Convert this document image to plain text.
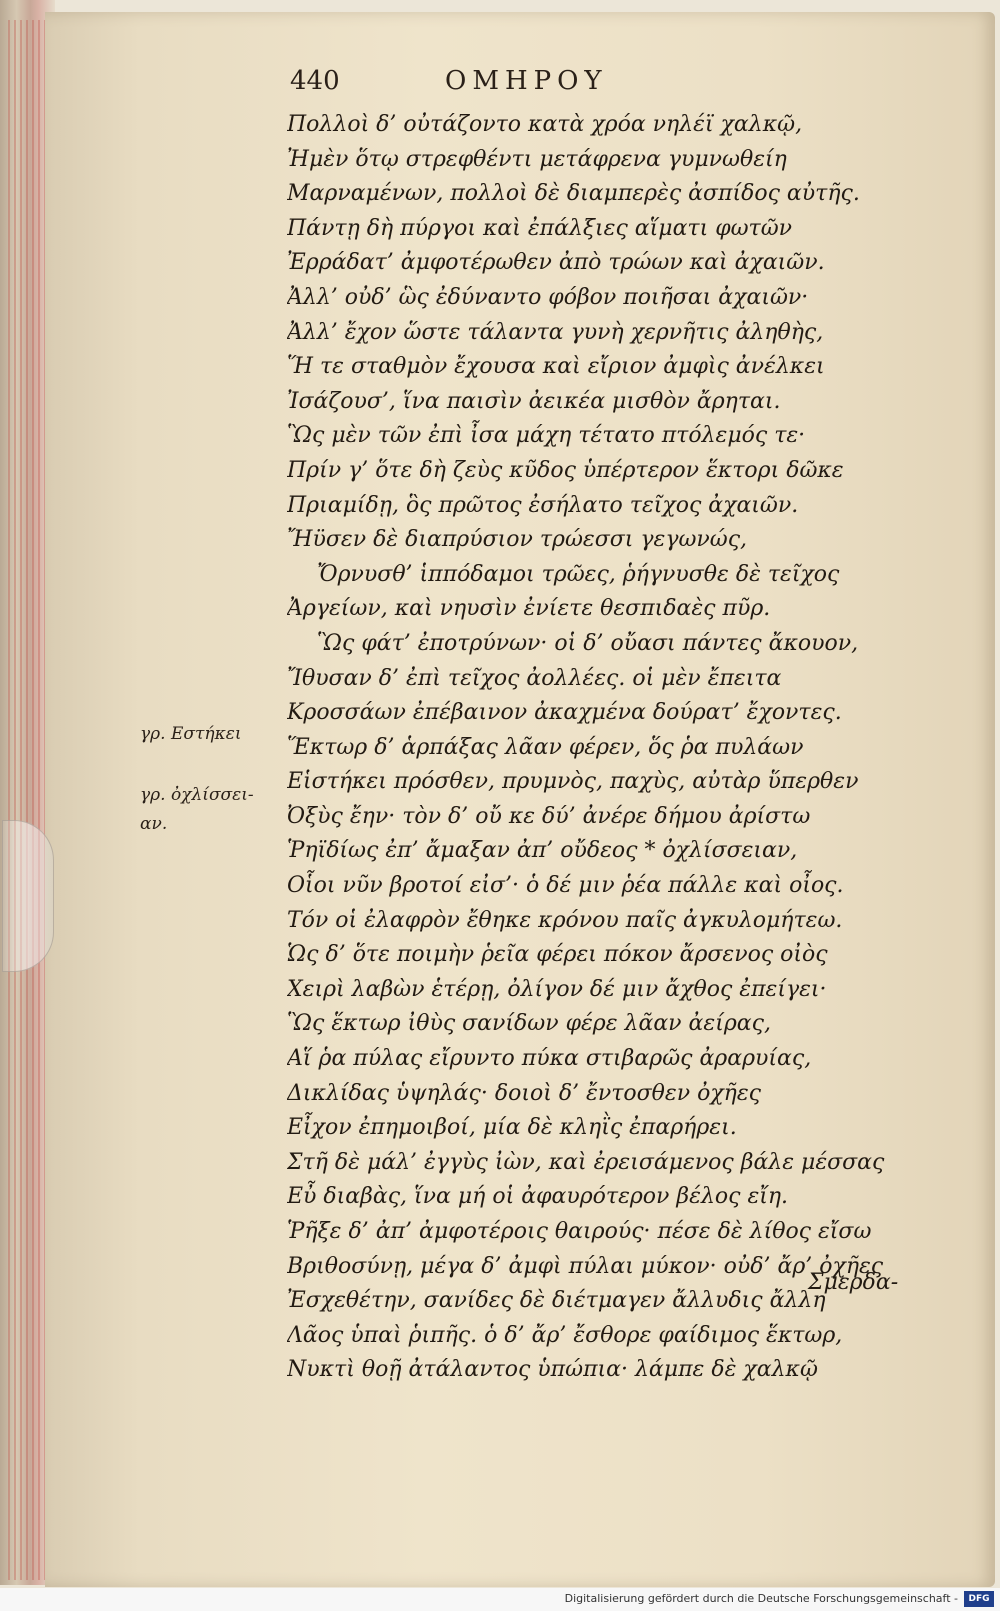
440	ΟΜΗΡΟΥ
Πολλοὶ δ’ οὐτάζοντο κατὰ χρόα νηλέϊ χαλκῷ,
Ἠμὲν ὅτῳ στρεφθέντι μετάφρενα γυμνωθείη
Μαρναμένων, πολλοὶ δὲ διαμπερὲς ἀσπίδος αὐτῆς.
Πάντῃ δὴ πύργοι καὶ ἐπάλξιες αἵματι φωτῶν
Ἐρράδατ’ ἀμφοτέρωθεν ἀπὸ τρώων καὶ ἀχαιῶν.
Ἀλλ’ οὐδ’ ὣς ἐδύναντο φόβον ποιῆσαι ἀχαιῶν·
Ἀλλ’ ἔχον ὥστε τάλαντα γυνὴ χερνῆτις ἀληθὴς,
Ἥ τε σταθμὸν ἔχουσα καὶ εἴριον ἀμφὶς ἀνέλκει
Ἰσάζουσ’, ἵνα παισὶν ἀεικέα μισθὸν ἄρηται.
Ὣς μὲν τῶν ἐπὶ ἶσα μάχη τέτατο πτόλεμός τε·
Πρίν γ’ ὅτε δὴ ζεὺς κῦδος ὑπέρτερον ἕκτορι δῶκε
Πριαμίδῃ, ὃς πρῶτος ἐσήλατο τεῖχος ἀχαιῶν.
Ἤϋσεν δὲ διαπρύσιον τρώεσσι γεγωνώς,
Ὄρνυσθ’ ἱππόδαμοι τρῶες, ῥήγνυσθε δὲ τεῖχος
Ἀργείων, καὶ νηυσὶν ἐνίετε θεσπιδαὲς πῦρ.
Ὣς φάτ’ ἐποτρύνων· οἱ δ’ οὔασι πάντες ἄκουον,
Ἴθυσαν δ’ ἐπὶ τεῖχος ἀολλέες. οἱ μὲν ἔπειτα
Κροσσάων ἐπέβαινον ἀκαχμένα δούρατ’ ἔχοντες.
Ἕκτωρ δ’ ἁρπάξας λᾶαν φέρεν, ὅς ῥα πυλάων
Εἱστήκει πρόσθεν, πρυμνὸς, παχὺς, αὐτὰρ ὕπερθεν
Ὀξὺς ἔην· τὸν δ’ οὔ κε δύ’ ἀνέρε δήμου ἀρίστω
Ῥηϊδίως ἐπ’ ἄμαξαν ἀπ’ οὔδεος * ὀχλίσσειαν,
Οἷοι νῦν βροτοί εἰσ’· ὁ δέ μιν ῥέα πάλλε καὶ οἶος.
Τόν οἱ ἐλαφρὸν ἔθηκε κρόνου παῖς ἀγκυλομήτεω.
Ὡς δ’ ὅτε ποιμὴν ῥεῖα φέρει πόκον ἄρσενος οἰὸς
Χειρὶ λαβὼν ἑτέρῃ, ὀλίγον δέ μιν ἄχθος ἐπείγει·
Ὣς ἕκτωρ ἰθὺς σανίδων φέρε λᾶαν ἀείρας,
Αἵ ῥα πύλας εἴρυντο πύκα στιβαρῶς ἀραρυίας,
Δικλίδας ὑψηλάς· δοιοὶ δ’ ἔντοσθεν ὀχῆες
Εἶχον ἐπημοιβοί, μία δὲ κληῒς ἐπαρήρει.
Στῆ δὲ μάλ’ ἐγγὺς ἰὼν, καὶ ἐρεισάμενος βάλε μέσσας
Εὖ διαβὰς, ἵνα μή οἱ ἀφαυρότερον βέλος εἴη.
Ῥῆξε δ’ ἀπ’ ἀμφοτέροις θαιρούς· πέσε δὲ λίθος εἴσω
Βριθοσύνῃ, μέγα δ’ ἀμφὶ πύλαι μύκον· οὐδ’ ἄρ’ ὀχῆες
Ἐσχεθέτην, σανίδες δὲ διέτμαγεν ἄλλυδις ἄλλη
Λᾶος ὑπαὶ ῥιπῆς. ὁ δ’ ἄρ’ ἔσθορε φαίδιμος ἕκτωρ,
Νυκτὶ θοῇ ἀτάλαντος ὑπώπια· λάμπε δὲ χαλκῷ
γρ. Εστήκει
γρ. ὀχλίσσει-
αν.
Σμερδα-
Digitalisierung gefördert durch die Deutsche Forschungsgemeinschaft -	DFG
